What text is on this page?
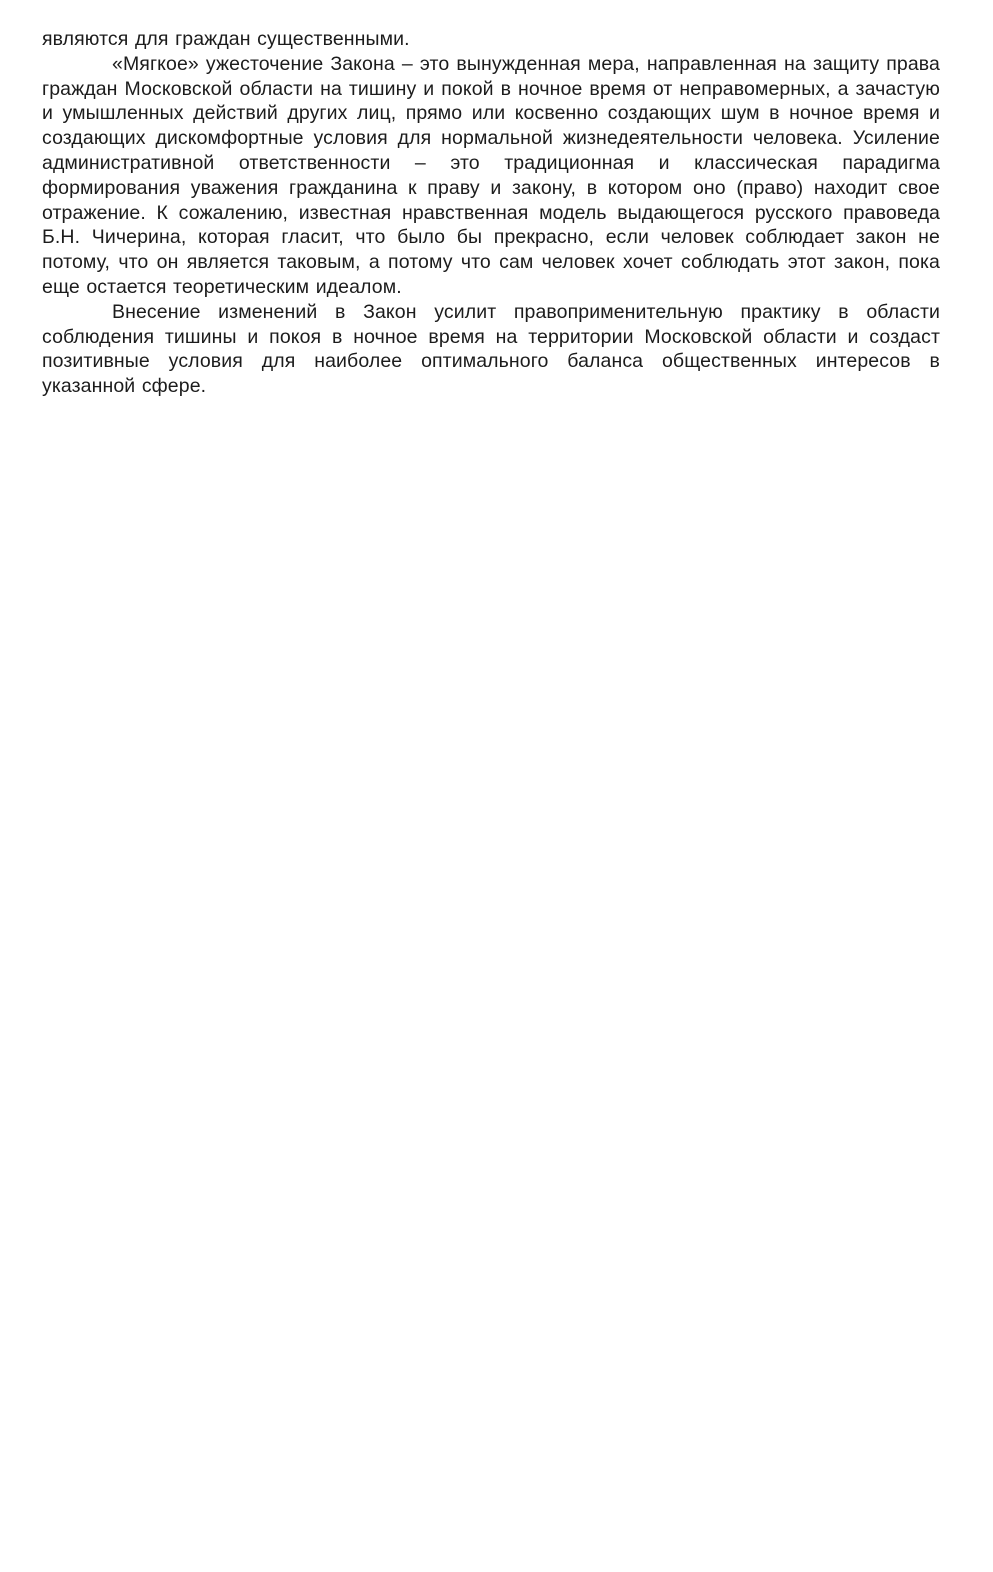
являются для граждан существенными.

«Мягкое» ужесточение Закона – это вынужденная мера, направленная на защиту права граждан Московской области на тишину и покой в ночное время от неправомерных, а зачастую и умышленных действий других лиц, прямо или косвенно создающих шум в ночное время и создающих дискомфортные условия для нормальной жизнедеятельности человека. Усиление административной ответственности – это традиционная и классическая парадигма формирования уважения гражданина к праву и закону, в котором оно (право) находит свое отражение. К сожалению, известная нравственная модель выдающегося русского правоведа Б.Н. Чичерина, которая гласит, что было бы прекрасно, если человек соблюдает закон не потому, что он является таковым, а потому что сам человек хочет соблюдать этот закон, пока еще остается теоретическим идеалом.

Внесение изменений в Закон усилит правоприменительную практику в области соблюдения тишины и покоя в ночное время на территории Московской области и создаст позитивные условия для наиболее оптимального баланса общественных интересов в указанной сфере.
